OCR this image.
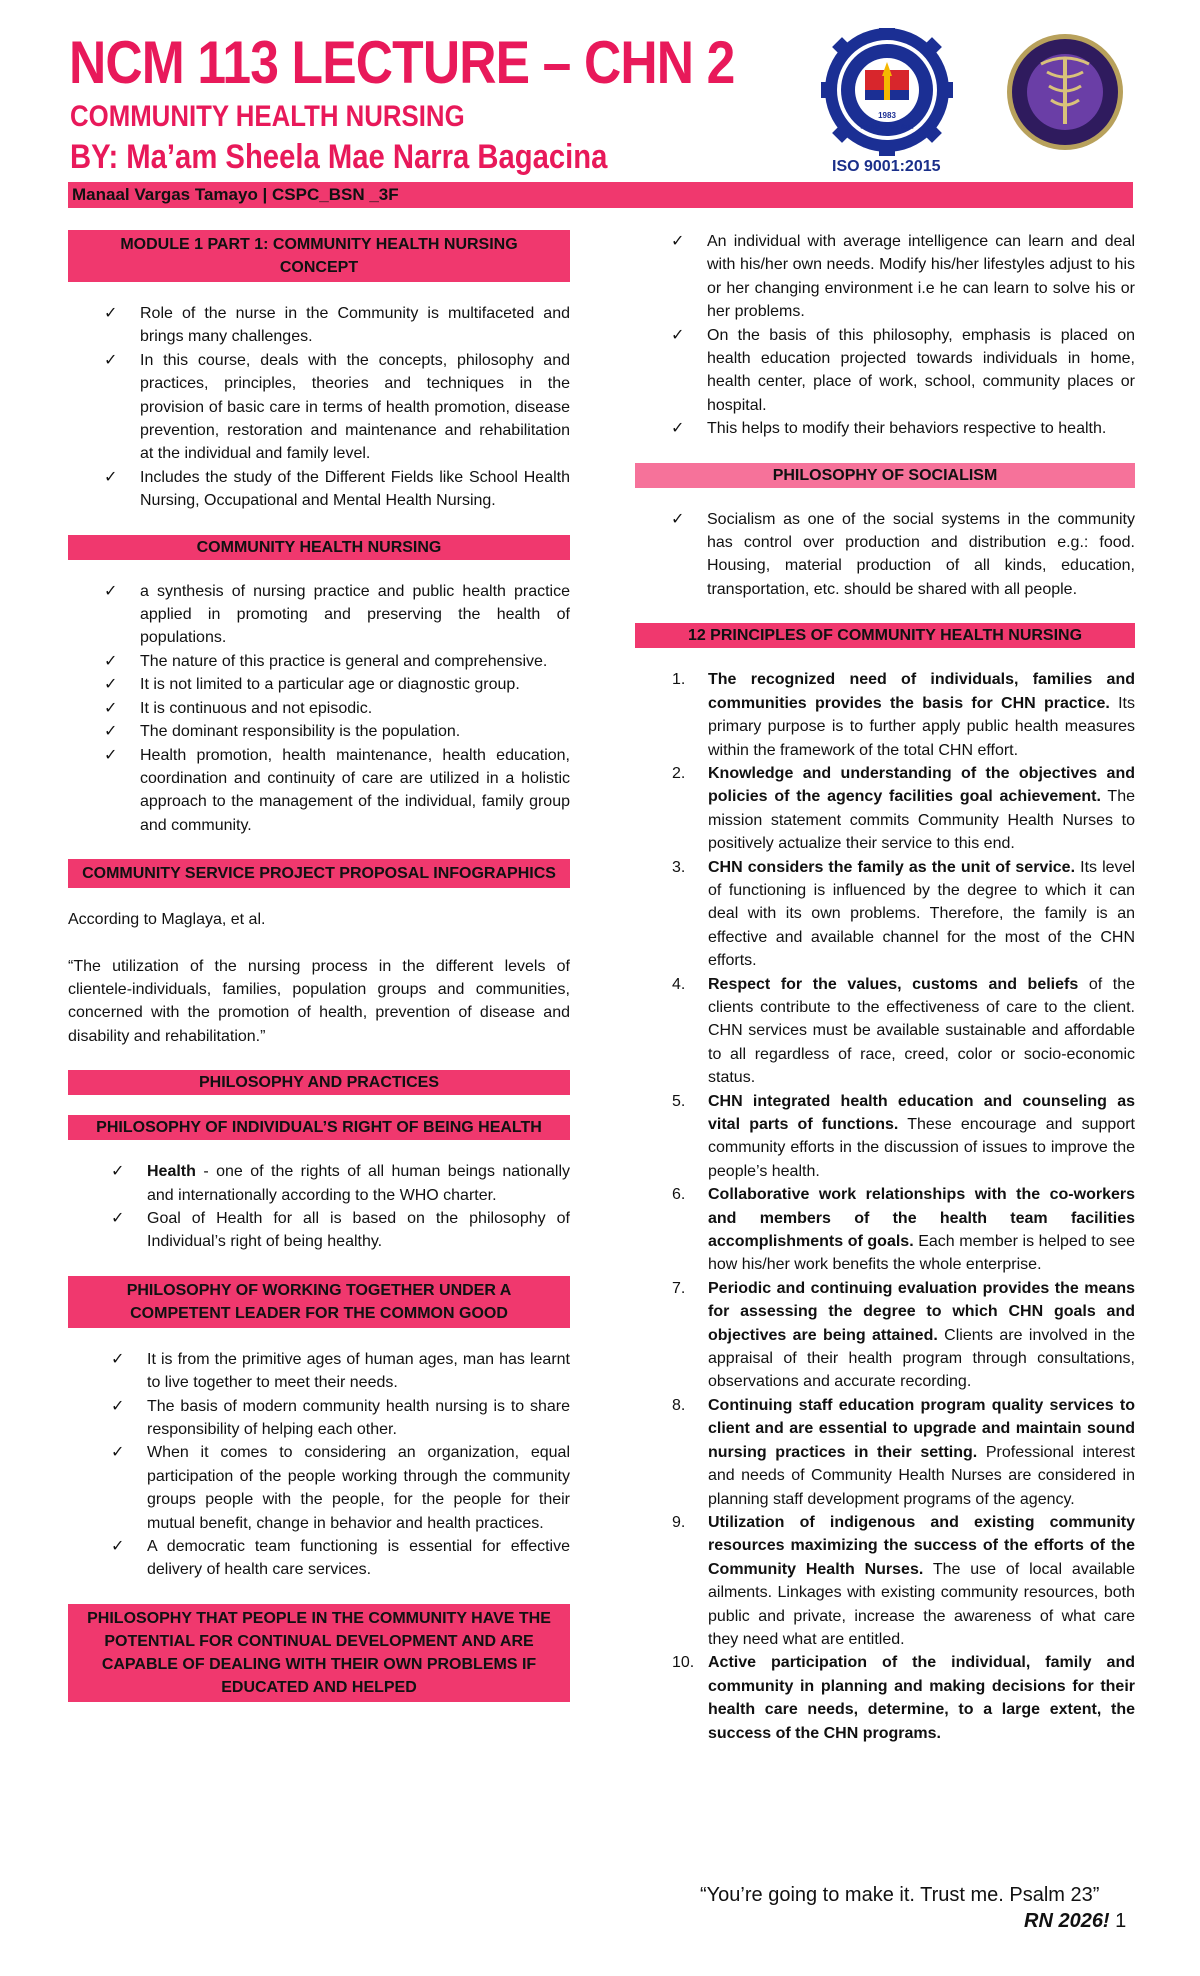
NCM 113 LECTURE – CHN 2
COMMUNITY HEALTH NURSING
BY: Ma’am Sheela Mae Narra Bagacina
1983
NABUA, CAM. SUR
ISO 9001:2015
Manaal Vargas Tamayo | CSPC_BSN _3F
MODULE 1 PART 1: COMMUNITY HEALTH NURSING CONCEPT
✓ Role of the nurse in the Community is multifaceted and brings many challenges.
✓ In this course, deals with the concepts, philosophy and practices, principles, theories and techniques in the provision of basic care in terms of health promotion, disease prevention, restoration and maintenance and rehabilitation at the individual and family level.
✓ Includes the study of the Different Fields like School Health Nursing, Occupational and Mental Health Nursing.
COMMUNITY HEALTH NURSING
✓ a synthesis of nursing practice and public health practice applied in promoting and preserving the health of populations.
✓ The nature of this practice is general and comprehensive.
✓ It is not limited to a particular age or diagnostic group.
✓ It is continuous and not episodic.
✓ The dominant responsibility is the population.
✓ Health promotion, health maintenance, health education, coordination and continuity of care are utilized in a holistic approach to the management of the individual, family group and community.
COMMUNITY SERVICE PROJECT PROPOSAL INFOGRAPHICS

According to Maglaya, et al.

“The utilization of the nursing process in the different levels of clientele-individuals, families, population groups and communities, concerned with the promotion of health, prevention of disease and disability and rehabilitation.”

PHILOSOPHY AND PRACTICES
PHILOSOPHY OF INDIVIDUAL’S RIGHT OF BEING HEALTH
✓ Health - one of the rights of all human beings nationally and internationally according to the WHO charter.
✓ Goal of Health for all is based on the philosophy of Individual’s right of being healthy.
PHILOSOPHY OF WORKING TOGETHER UNDER A COMPETENT LEADER FOR THE COMMON GOOD
✓ It is from the primitive ages of human ages, man has learnt to live together to meet their needs.
✓ The basis of modern community health nursing is to share responsibility of helping each other.
✓ When it comes to considering an organization, equal participation of the people working through the community groups people with the people, for the people for their mutual benefit, change in behavior and health practices.
✓ A democratic team functioning is essential for effective delivery of health care services.
PHILOSOPHY THAT PEOPLE IN THE COMMUNITY HAVE THE POTENTIAL FOR CONTINUAL DEVELOPMENT AND ARE CAPABLE OF DEALING WITH THEIR OWN PROBLEMS IF EDUCATED AND HELPED
✓ An individual with average intelligence can learn and deal with his/her own needs. Modify his/her lifestyles adjust to his or her changing environment i.e he can learn to solve his or her problems.
✓ On the basis of this philosophy, emphasis is placed on health education projected towards individuals in home, health center, place of work, school, community places or hospital.
✓ This helps to modify their behaviors respective to health.
PHILOSOPHY OF SOCIALISM
✓ Socialism as one of the social systems in the community has control over production and distribution e.g.: food. Housing, material production of all kinds, education, transportation, etc. should be shared with all people.
12 PRINCIPLES OF COMMUNITY HEALTH NURSING
1. The recognized need of individuals, families and communities provides the basis for CHN practice. Its primary purpose is to further apply public health measures within the framework of the total CHN effort.
2. Knowledge and understanding of the objectives and policies of the agency facilities goal achievement. The mission statement commits Community Health Nurses to positively actualize their service to this end.
3. CHN considers the family as the unit of service. Its level of functioning is influenced by the degree to which it can deal with its own problems. Therefore, the family is an effective and available channel for the most of the CHN efforts.
4. Respect for the values, customs and beliefs of the clients contribute to the effectiveness of care to the client. CHN services must be available sustainable and affordable to all regardless of race, creed, color or socio-economic status.
5. CHN integrated health education and counseling as vital parts of functions. These encourage and support community efforts in the discussion of issues to improve the people’s health.
6. Collaborative work relationships with the co-workers and members of the health team facilities accomplishments of goals. Each member is helped to see how his/her work benefits the whole enterprise.
7. Periodic and continuing evaluation provides the means for assessing the degree to which CHN goals and objectives are being attained. Clients are involved in the appraisal of their health program through consultations, observations and accurate recording.
8. Continuing staff education program quality services to client and are essential to upgrade and maintain sound nursing practices in their setting. Professional interest and needs of Community Health Nurses are considered in planning staff development programs of the agency.
9. Utilization of indigenous and existing community resources maximizing the success of the efforts of the Community Health Nurses. The use of local available ailments. Linkages with existing community resources, both public and private, increase the awareness of what care they need what are entitled.
10. Active participation of the individual, family and community in planning and making decisions for their health care needs, determine, to a large extent, the success of the CHN programs.
“You’re going to make it. Trust me. Psalm 23”
RN 2026! 1
